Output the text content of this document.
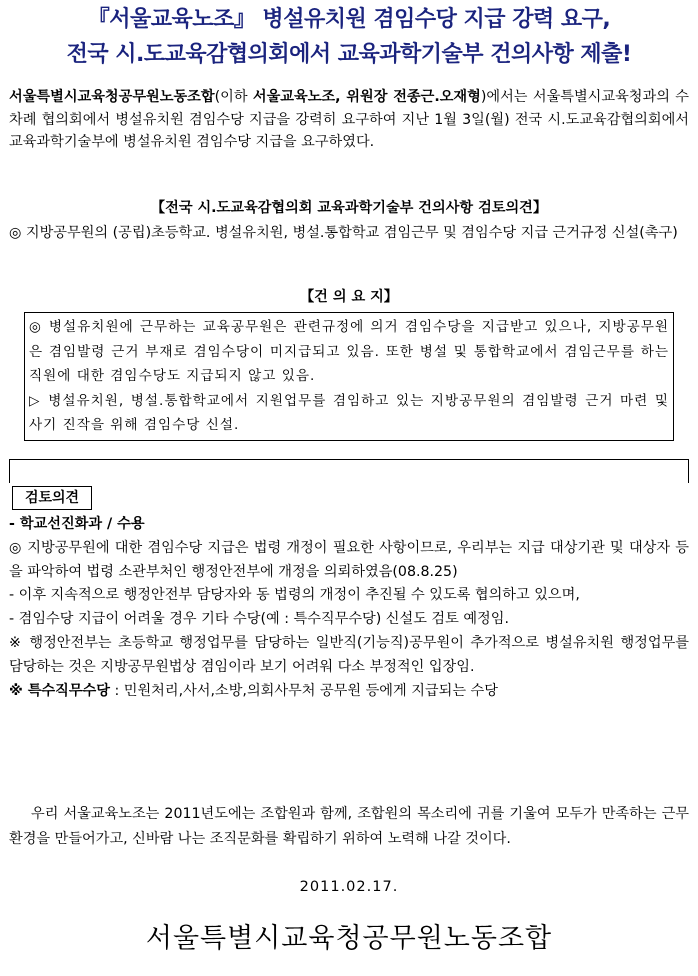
『서울교육노조』 병설유치원 겸임수당 지급 강력 요구,
전국 시.도교육감협의회에서 교육과학기술부 건의사항 제출!

서울특별시교육청공무원노동조합(이하 서울교육노조, 위원장 전종근.오재형)에서는 서울특별시교육청과의 수차례 협의회에서 병설유치원 겸임수당 지급을 강력히 요구하여 지난 1월 3일(월) 전국 시.도교육감협의회에서 교육과학기술부에 병설유치원 겸임수당 지급을 요구하였다.

【전국 시.도교육감협의회 교육과학기술부 건의사항 검토의견】

◎ 지방공무원의 (공립)초등학교. 병설유치원, 병설.통합학교 겸임근무 및 겸임수당 지급 근거규정 신설(촉구)

【건 의 요 지】
◎ 병설유치원에 근무하는 교육공무원은 관련규정에 의거 겸임수당을 지급받고 있으나, 지방공무원은 겸임발령 근거 부재로 겸임수당이 미지급되고 있음. 또한 병설 및 통합학교에서 겸임근무를 하는 직원에 대한 겸임수당도 지급되지 않고 있음.
▷ 병설유치원, 병설.통합학교에서 지원업무를 겸임하고 있는 지방공무원의 겸임발령 근거 마련 및 사기 진작을 위해 겸임수당 신설.
검토의견
- 학교선진화과 / 수용

◎ 지방공무원에 대한 겸임수당 지급은 법령 개정이 필요한 사항이므로, 우리부는 지급 대상기관 및 대상자 등을 파악하여 법령 소관부처인 행정안전부에 개정을 의뢰하였음(08.8.25)

- 이후 지속적으로 행정안전부 담당자와 동 법령의 개정이 추진될 수 있도록 협의하고 있으며,

- 겸임수당 지급이 어려울 경우 기타 수당(예 : 특수직무수당) 신설도 검토 예정임.

※ 행정안전부는 초등학교 행정업무를 담당하는 일반직(기능직)공무원이 추가적으로 병설유치원 행정업무를 담당하는 것은 지방공무원법상 겸임이라 보기 어려워 다소 부정적인 입장임.

※ 특수직무수당 : 민원처리,사서,소방,의회사무처 공무원 등에게 지급되는 수당

우리 서울교육노조는 2011년도에는 조합원과 함께, 조합원의 목소리에 귀를 기울여 모두가 만족하는 근무환경을 만들어가고, 신바람 나는 조직문화를 확립하기 위하여 노력해 나갈 것이다.

2011.02.17.
서울특별시교육청공무원노동조합
